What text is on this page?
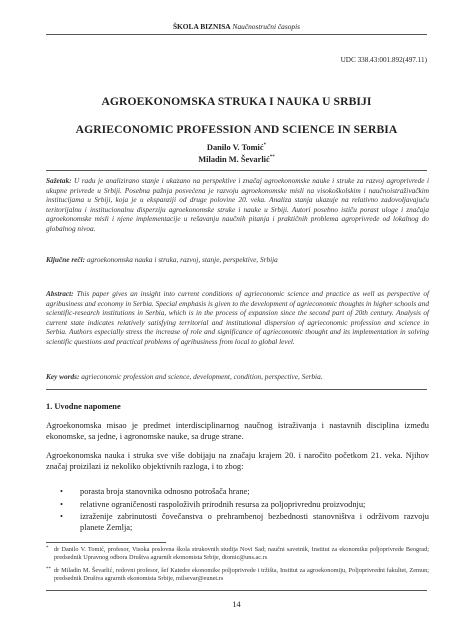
ŠKOLA BIZNISA Naučnostručni časopis
UDC 338.43:001.892(497.11)
AGROEKONOMSKA STRUKA I NAUKA U SRBIJI
AGRIECONOMIC PROFESSION AND SCIENCE IN SERBIA
Danilo V. Tomić*
Miladin M. Ševarlić**
Sažetak: U radu je analizirano stanje i ukazano na perspektive i značaj agroekonomske nauke i struke za razvoj agroprivrede i ukupne privrede u Srbiji. Posebna pažnja posvećena je razvoju agroekonomske misli na visokoškolskim i naučnoistraživačkim institucijama u Srbiji, koja je u ekspanziji od druge polovine 20. veka. Analiza stanja ukazuje na relativno zadovoljavajuću teritorijalnu i institucionalnu disperziju agroekonomske struke i nauke u Srbiji. Autori posebno ističu porast uloge i značaja agroekonomske misli i njene implementacije u rešavanju naučnih pitanja i praktičnih problema agroprivrede od lokalnog do globalnog nivoa.
Ključne reči: agroekonomska nauka i struka, razvoj, stanje, perspektive, Srbija
Abstract: This paper gives an insight into current conditions of agrieconomic science and practice as well as perspective of agribusiness and economy in Serbia. Special emphasis is given to the development of agrieconomic thoughts in higher schools and scientific-research institutions in Serbia, which is in the process of expansion since the second part of 20th century. Analysis of current state indicates relatively satisfying territorial and institutional dispersion of agrieconomic profession and science in Serbia. Authors especially stress the increase of role and significance of agrieconomic thought and its implementation in solving scientific questions and practical problems of agribusiness from local to global level.
Key words: agrieconomic profession and science, development, condition, perspective, Serbia.
1. Uvodne napomene
Agroekonomska misao je predmet interdisciplinarnog naučnog istraživanja i nastavnih disciplina između ekonomske, sa jedne, i agronomske nauke, sa druge strane.
Agroekonomska nauka i struka sve više dobijaju na značaju krajem 20. i naročito početkom 21. veka. Njihov značaj proizilazi iz nekoliko objektivnih razloga, i to zbog:
• porasta broja stanovnika odnosno potrošača hrane;
• relativne ograničenosti raspoloživih prirodnih resursa za poljoprivrednu proizvodnju;
• izraženije zabrinutosti čovečanstva o prehrambenoj bezbednosti stanovništva i održivom razvoju planete Zemlja;
* dr Danilo V. Tomić, profesor, Visoka poslovna škola strukovnih studija Novi Sad; naučni savetnik, Institut za ekonomiku poljoprivrede Beograd; predsednik Upravnog odbora Društva agrarnih ekonomista Srbije, dtomic@uns.ac.rs
** dr Miladin M. Ševarlić, redovni profesor, šef Katedre ekonomike poljoprivrede i tržišta, Institut za agroekonomiju, Poljoprivredni fakultet, Zemun; predsednik Društva agrarnih ekonomista Srbije, milsevar@eunet.rs
14
